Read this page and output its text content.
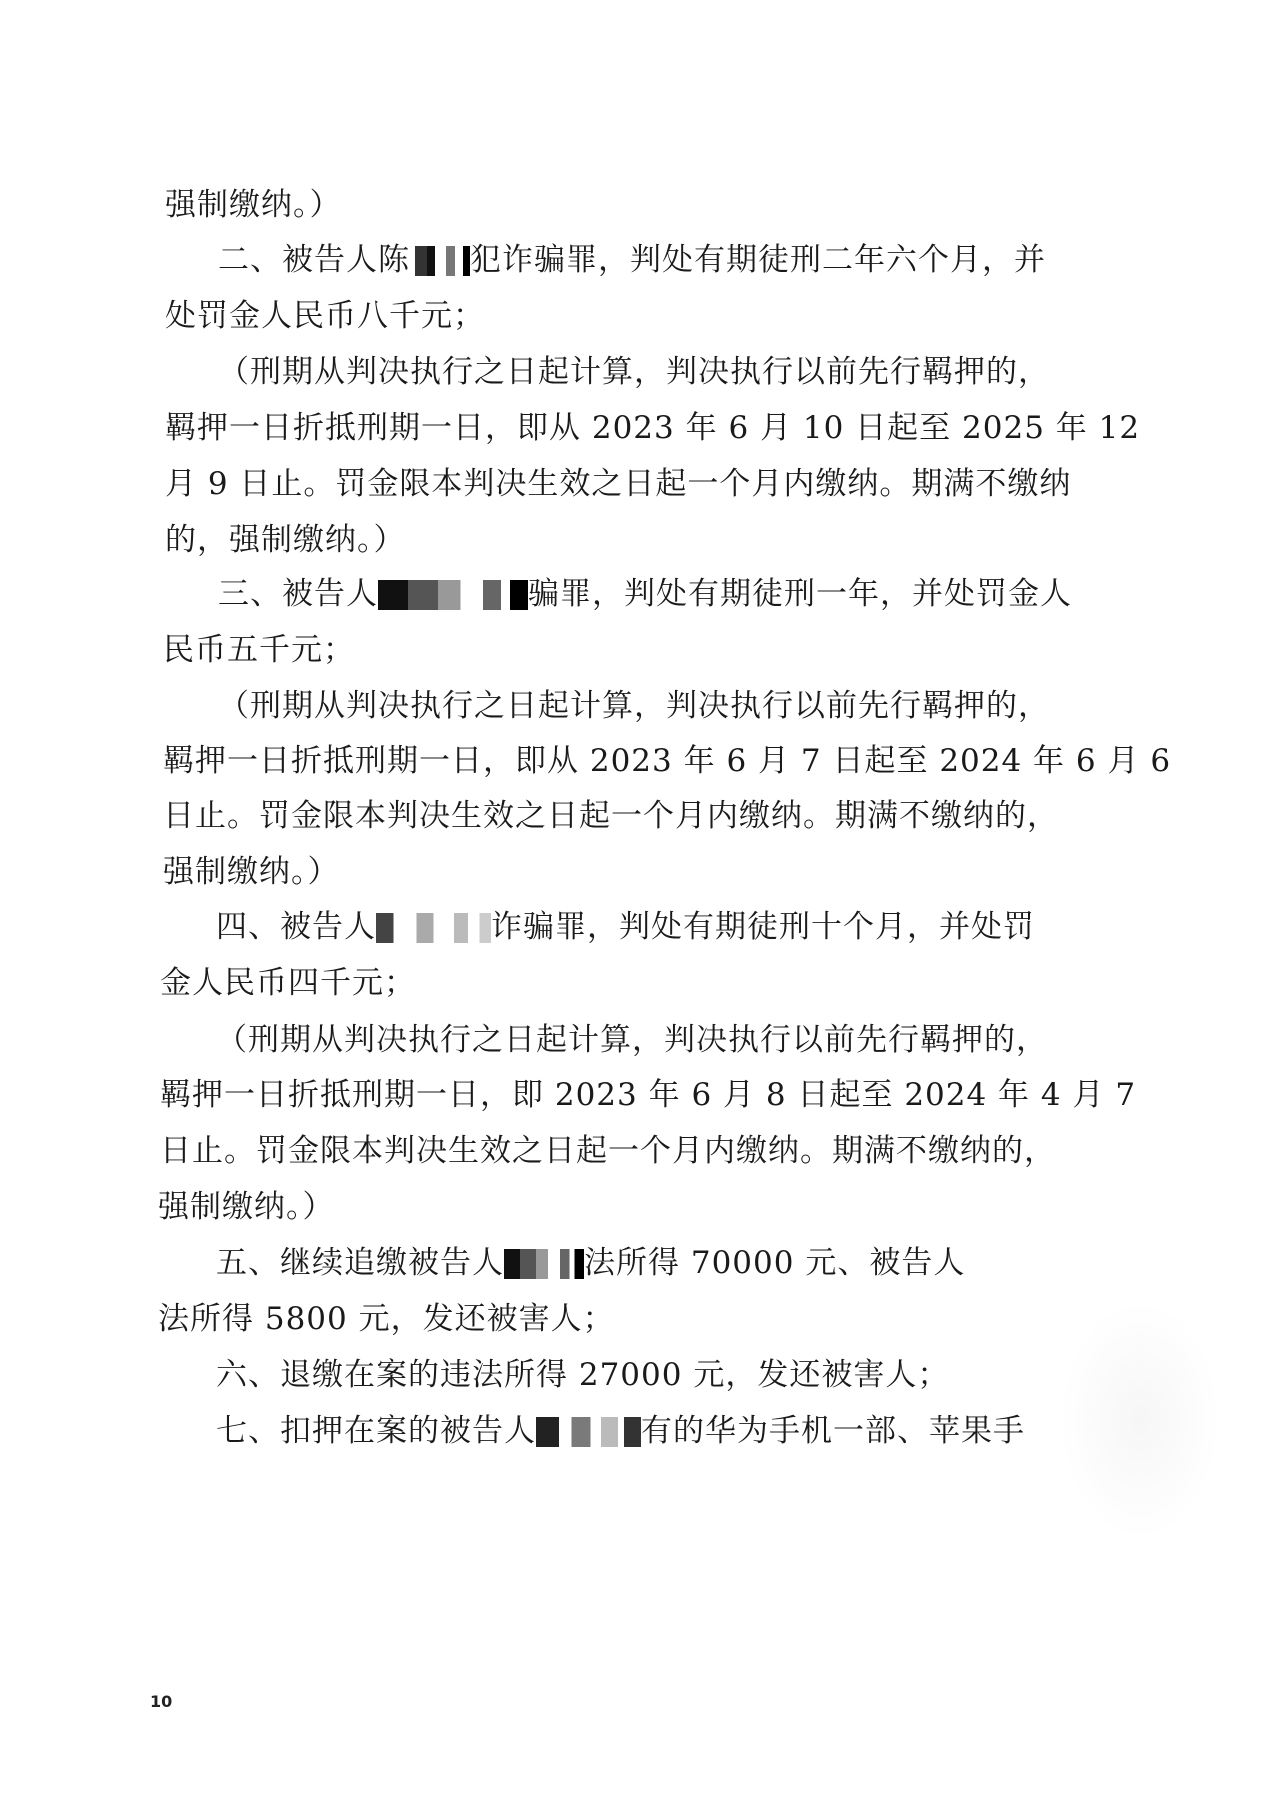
强制缴纳。）
二、被告人陈 犯诈骗罪，判处有期徒刑二年六个月，并
处罚金人民币八千元；
（刑期从判决执行之日起计算，判决执行以前先行羁押的，
羁押一日折抵刑期一日，即从 2023 年 6 月 10 日起至 2025 年 12
月 9 日止。罚金限本判决生效之日起一个月内缴纳。期满不缴纳
的，强制缴纳。）
三、被告人	骗罪，判处有期徒刑一年，并处罚金人
民币五千元；
（刑期从判决执行之日起计算，判决执行以前先行羁押的，
羁押一日折抵刑期一日，即从 2023 年 6 月 7 日起至 2024 年 6 月 6
日止。罚金限本判决生效之日起一个月内缴纳。期满不缴纳的，
强制缴纳。）
四、被告人	诈骗罪，判处有期徒刑十个月，并处罚
金人民币四千元；
（刑期从判决执行之日起计算，判决执行以前先行羁押的，
羁押一日折抵刑期一日，即 2023 年 6 月 8 日起至 2024 年 4 月 7
日止。罚金限本判决生效之日起一个月内缴纳。期满不缴纳的，
强制缴纳。）
五、继续追缴被告人	法所得 70000 元、被告人
法所得 5800 元，发还被害人；
六、退缴在案的违法所得 27000 元，发还被害人；
七、扣押在案的被告人	有的华为手机一部、苹果手
10
